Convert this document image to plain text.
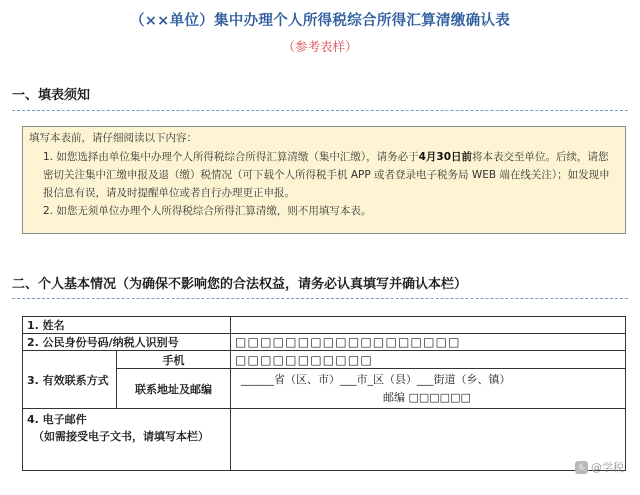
（××单位）集中办理个人所得税综合所得汇算清缴确认表
（参考表样）
一、填表须知

填写本表前，请仔细阅读以下内容：

1. 如您选择由单位集中办理个人所得税综合所得汇算清缴（集中汇缴），请务必于4月30日前将本表交至单位。后续，请您密切关注集中汇缴申报及退（缴）税情况（可下载个人所得税手机 APP 或者登录电子税务局 WEB 端在线关注）；如发现申报信息有误，请及时提醒单位或者自行办理更正申报。

2. 如您无须单位办理个人所得税综合所得汇算清缴，则不用填写本表。

二、个人基本情况（为确保不影响您的合法权益，请务必认真填写并确认本栏）
1. 姓名		
2. 公民身份号码/纳税人识别号		□□□□□□□□□□□□□□□□□□
3. 有效联系方式	手机	□□□□□□□□□□□
	联系地址及邮编	______省（区、市）___市_区（县）___街道（乡、镇）
邮编 □□□□□□

4. 电子邮件
（如需接受电子文书，请填写本栏）		

头条
@学税
